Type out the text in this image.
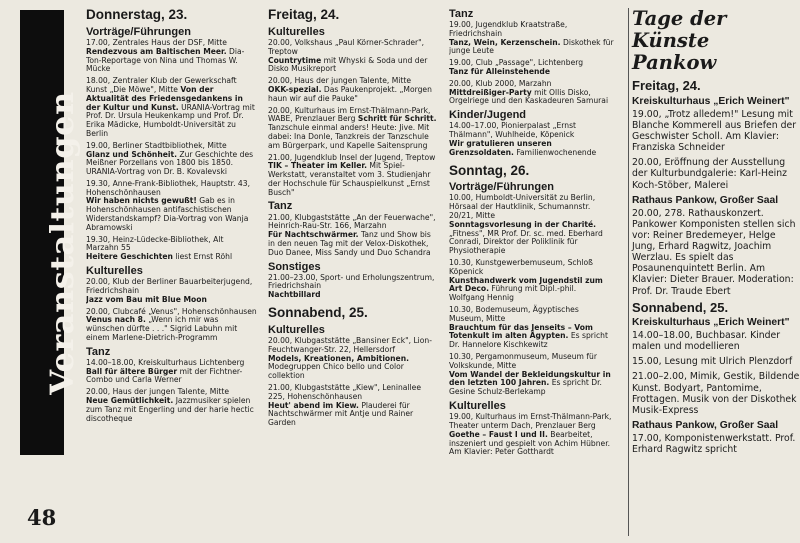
Veranstaltungen
48
Donnerstag, 23.
Vorträge/Führungen
17.00, Zentrales Haus der DSF, Mitte
Rendezvous am Baltischen Meer. Dia-Ton-Reportage von Nina und Thomas W. Mücke
18.00, Zentraler Klub der Gewerkschaft Kunst „Die Möwe", Mitte Von der Aktualität des Friedensgedankens in der Kultur und Kunst. URANIA-Vortrag mit Prof. Dr. Ursula Heukenkamp und Prof. Dr. Erika Mädicke, Humboldt-Universität zu Berlin
19.00, Berliner Stadtbibliothek, Mitte
Glanz und Schönheit. Zur Geschichte des Meißner Porzellans von 1800 bis 1850. URANIA-Vortrag von Dr. B. Kovalevski
19.30, Anne-Frank-Bibliothek, Hauptstr. 43, Hohenschönhausen
Wir haben nichts gewußt! Gab es in Hohenschönhausen antifaschistischen Widerstandskampf? Dia-Vortrag von Wanja Abramowski
19.30, Heinz-Lüdecke-Bibliothek, Alt Marzahn 55
Heitere Geschichten liest Ernst Röhl
Kulturelles
20.00, Klub der Berliner Bauarbeiterjugend, Friedrichshain
Jazz vom Bau mit Blue Moon
20.00, Clubcafé „Venus", Hohenschönhausen
Venus nach 8. „Wenn ich mir was wünschen dürfte . . ." Sigrid Labuhn mit einem Marlene-Dietrich-Programm
Tanz
14.00–18.00, Kreiskulturhaus Lichtenberg
Ball für ältere Bürger mit der Fichtner-Combo und Carla Werner
20.00, Haus der jungen Talente, Mitte
Neue Gemütlichkeit. Jazzmusiker spielen zum Tanz mit Engerling und der harie hectic discotheque
Freitag, 24.
Kulturelles
20.00, Volkshaus „Paul Körner-Schrader", Treptow
Countrytime mit Whyski & Soda und der Disko Musikreport
20.00, Haus der jungen Talente, Mitte
OKK-spezial. Das Paukenprojekt. „Morgen haun wir auf die Pauke"
20.00, Kulturhaus im Ernst-Thälmann-Park, WABE, Prenzlauer Berg Schritt für Schritt. Tanzschule einmal anders! Heute: Jive. Mit dabei: Ina Donle, Tanzkreis der Tanzschule am Bürgerpark, und Kapelle Saitensprung
21.00, Jugendklub Insel der Jugend, Treptow
TIK – Theater im Keller. Mit Spiel-Werkstatt, veranstaltet vom 3. Studienjahr der Hochschule für Schauspielkunst „Ernst Busch"
Tanz
21.00, Klubgaststätte „An der Feuerwache", Heinrich-Rau-Str. 166, Marzahn
Für Nachtschwärmer. Tanz und Show bis in den neuen Tag mit der Velox-Diskothek, Duo Danee, Miss Sandy und Duo Schandra
Sonstiges
21.00–23.00, Sport- und Erholungszentrum, Friedrichshain
Nachtbillard
Sonnabend, 25.
Kulturelles
20.00, Klubgaststätte „Bansiner Eck", Lion-Feuchtwanger-Str. 22, Hellersdorf
Models, Kreationen, Ambitionen. Modegruppen Chico bello und Color collektion
21.00, Klubgaststätte „Kiew", Leninallee 225, Hohenschönhausen
Heut' abend im Kiew. Plauderei für Nachtschwärmer mit Antje und Rainer Garden
Tanz
19.00, Jugendklub Kraatstraße, Friedrichshain
Tanz, Wein, Kerzenschein. Diskothek für junge Leute
19.00, Club „Passage", Lichtenberg
Tanz für Alleinstehende
20.00, Klub 2000, Marzahn
Mittdreißiger-Party mit Ollis Disko, Orgelriege und den Kaskadeuren Samurai
Kinder/Jugend
14.00–17.00, Pionierpalast „Ernst Thälmann", Wuhlheide, Köpenick
Wir gratulieren unseren Grenzsoldaten. Familienwochenende
Sonntag, 26.
Vorträge/Führungen
10.00, Humboldt-Universität zu Berlin, Hörsaal der Hautklinik, Schumannstr. 20/21, Mitte
Sonntagsvorlesung in der Charité. „Fitness", MR Prof. Dr. sc. med. Eberhard Conradi, Direktor der Poliklinik für Physiotherapie
10.30, Kunstgewerbemuseum, Schloß Köpenick
Kunsthandwerk vom Jugendstil zum Art Deco. Führung mit Dipl.-phil. Wolfgang Hennig
10.30, Bodemuseum, Ägyptisches Museum, Mitte
Brauchtum für das Jenseits – Vom Totenkult im alten Ägypten. Es spricht Dr. Hannelore Kischkewitz
10.30, Pergamonmuseum, Museum für Volkskunde, Mitte
Vom Wandel der Bekleidungskultur in den letzten 100 Jahren. Es spricht Dr. Gesine Schulz-Berlekamp
Kulturelles
19.00, Kulturhaus im Ernst-Thälmann-Park, Theater unterm Dach, Prenzlauer Berg
Goethe – Faust I und II. Bearbeitet, inszeniert und gespielt von Achim Hübner. Am Klavier: Peter Gotthardt
Tage der Künste Pankow
Freitag, 24.
Kreiskulturhaus „Erich Weinert"
19.00, „Trotz alledem!" Lesung mit Blanche Kommerell aus Briefen der Geschwister Scholl. Am Klavier: Franziska Schneider
20.00, Eröffnung der Ausstellung der Kulturbundgalerie: Karl-Heinz Koch-Stöber, Malerei
Rathaus Pankow, Großer Saal
20.00, 278. Rathauskonzert. Pankower Komponisten stellen sich vor: Reiner Bredemeyer, Helge Jung, Erhard Ragwitz, Joachim Werzlau. Es spielt das Posaunenquintett Berlin. Am Klavier: Dieter Brauer. Moderation: Prof. Dr. Traude Ebert
Sonnabend, 25.
Kreiskulturhaus „Erich Weinert"
14.00–18.00, Buchbasar. Kinder malen und modellieren
15.00, Lesung mit Ulrich Plenzdorf
21.00–2.00, Mimik, Gestik, Bildende Kunst. Bodyart, Pantomime, Frottagen. Musik von der Diskothek Musik-Express
Rathaus Pankow, Großer Saal
17.00, Komponistenwerkstatt. Prof. Erhard Ragwitz spricht
